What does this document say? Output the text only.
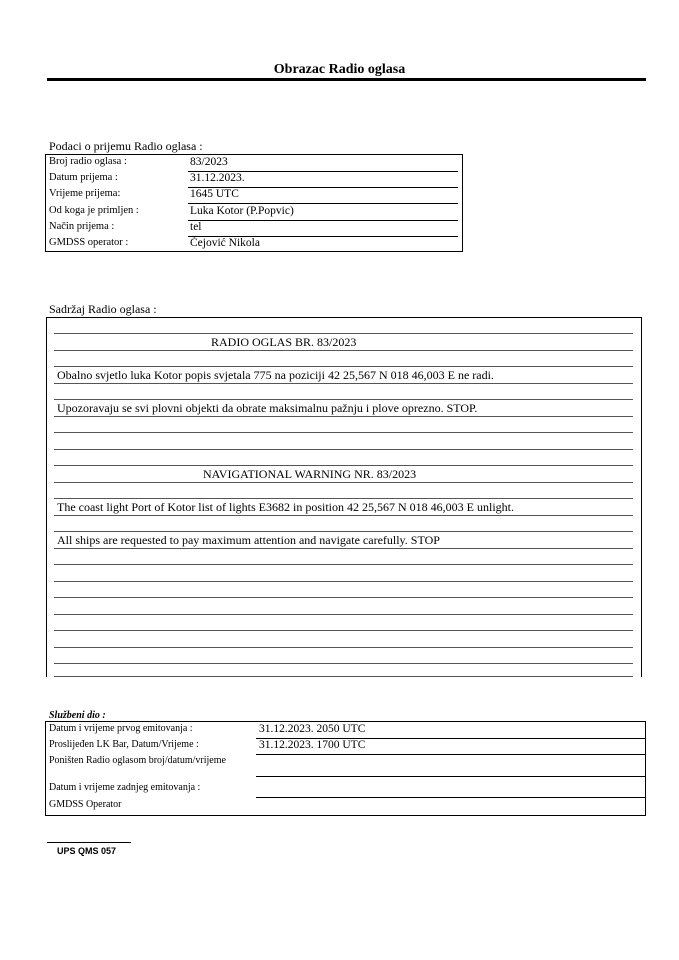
Obrazac Radio oglasa
Podaci o prijemu Radio oglasa :
Broj radio oglasa :	83/2023
Datum prijema :	31.12.2023.
Vrijeme prijema:	1645 UTC
Od koga je primljen :	Luka Kotor (P.Popvic)
Način prijema :	tel
GMDSS operator :	Čejović Nikola
Sadržaj Radio oglasa :
RADIO OGLAS BR. 83/2023
Obalno svjetlo luka Kotor popis svjetala 775 na poziciji 42 25,567 N 018 46,003 E ne radi.
Upozoravaju se svi plovni objekti da obrate maksimalnu pažnju i plove oprezno. STOP.
NAVIGATIONAL WARNING NR. 83/2023
The coast light Port of Kotor list of lights E3682 in position 42 25,567 N 018 46,003 E unlight.
All ships are requested to pay maximum attention and navigate carefully. STOP
Službeni dio :
Datum i vrijeme prvog emitovanja :	31.12.2023. 2050 UTC
Proslijeđen LK Bar, Datum/Vrijeme :	31.12.2023. 1700 UTC
Poništen Radio oglasom broj/datum/vrijeme
Datum i vrijeme zadnjeg emitovanja :
GMDSS Operator
UPS QMS 057
